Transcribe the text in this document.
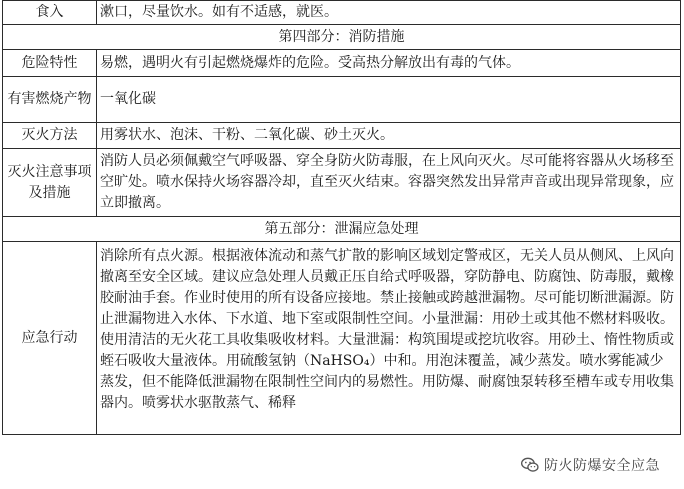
食入	漱口，尽量饮水。如有不适感，就医。
第四部分：消防措施	
危险特性	易燃，遇明火有引起燃烧爆炸的危险。受高热分解放出有毒的气体。
有害燃烧产物	一氧化碳
灭火方法	用雾状水、泡沫、干粉、二氧化碳、砂土灭火。
灭火注意事项及措施	消防人员必须佩戴空气呼吸器、穿全身防火防毒服，在上风向灭火。尽可能将容器从火场移至空旷处。喷水保持火场容器冷却，直至灭火结束。容器突然发出异常声音或出现异常现象，应立即撤离。
第五部分：泄漏应急处理	
应急行动	消除所有点火源。根据液体流动和蒸气扩散的影响区域划定警戒区，无关人员从侧风、上风向撤离至安全区域。建议应急处理人员戴正压自给式呼吸器，穿防静电、防腐蚀、防毒服，戴橡胶耐油手套。作业时使用的所有设备应接地。禁止接触或跨越泄漏物。尽可能切断泄漏源。防止泄漏物进入水体、下水道、地下室或限制性空间。小量泄漏：用砂土或其他不燃材料吸收。使用清洁的无火花工具收集吸收材料。大量泄漏：构筑围堤或挖坑收容。用砂土、惰性物质或蛭石吸收大量液体。用硫酸氢钠（NaHSO₄）中和。用泡沫覆盖，减少蒸发。喷水雾能减少蒸发，但不能降低泄漏物在限制性空间内的易燃性。用防爆、耐腐蚀泵转移至槽车或专用收集器内。喷雾状水驱散蒸气、稀释
防火防爆安全应急
